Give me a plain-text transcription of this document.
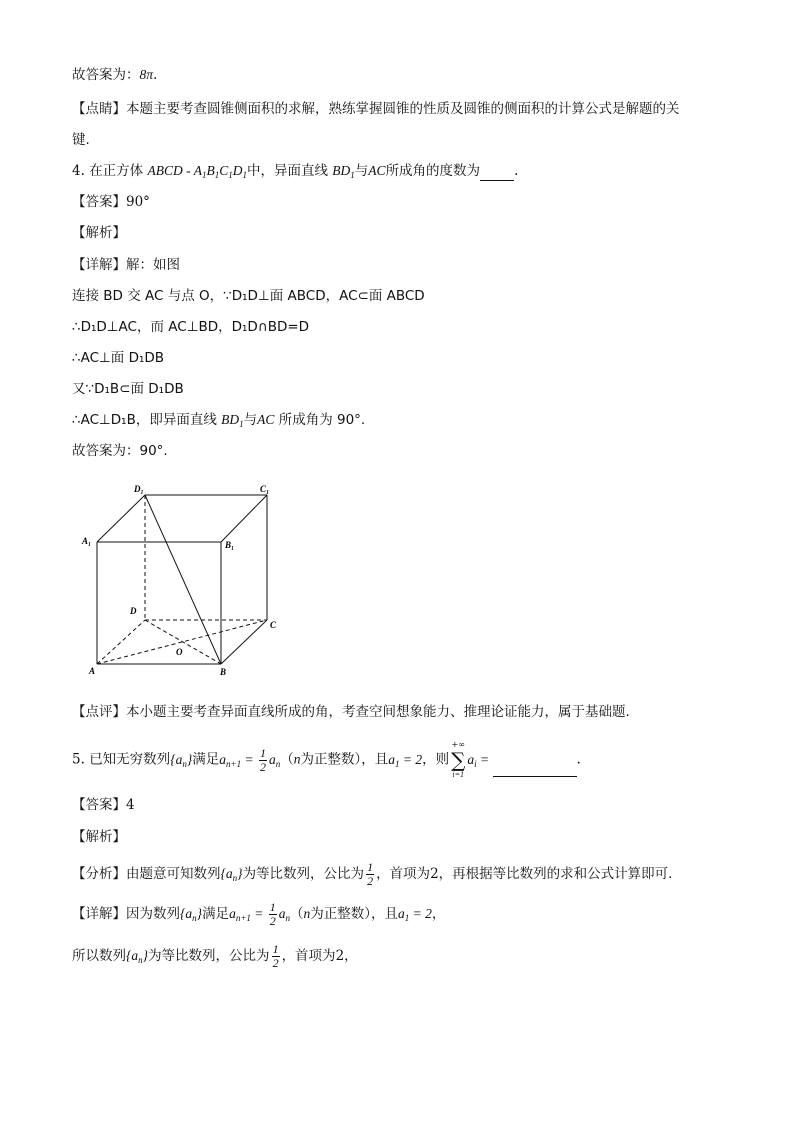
故答案为：8π.
【点睛】本题主要考查圆锥侧面积的求解，熟练掌握圆锥的性质及圆锥的侧面积的计算公式是解题的关
键.
4. 在正方体 ABCD - $A_1B_1C_1D_1$中，异面直线 $BD_1$与AC所成角的度数为	.
【答案】90°
【解析】
【详解】解：如图
连接 BD 交 AC 与点 O，∵D₁D⊥面 ABCD，AC⊂面 ABCD
∴D₁D⊥AC，而 AC⊥BD，D₁D∩BD=D
∴AC⊥面 D₁DB
又∵D₁B⊂面 D₁DB
∴AC⊥D₁B，即异面直线 $BD_1$与AC 所成角为 90°.
故答案为：90°.
D₁	C₁
A₁	B₁
D
C
O
A	B
【点评】本小题主要考查异面直线所成的角，考查空间想象能力、推理论证能力，属于基础题.
5. 已知无穷数列$\{a_n\}$满足$a_{n+1} = \frac{1}{2} a_n(n$为正整数），且$a_1 = 2$，则
+∞
∑
i=1
$a_i$ =	.
【答案】4
【解析】
【分析】由题意可知数列$\{a_n\}$为等比数列，公比为 $\frac{1}{2}$ ，首项为2，再根据等比数列的求和公式计算即可.
【详解】因为数列$\{a_n\}$满足$a_{n+1} = \frac{1}{2} a_n(n$为正整数），且$a_1 = 2$，
所以数列$\{a_n\}$为等比数列，公比为 $\frac{1}{2}$ ，首项为2，
